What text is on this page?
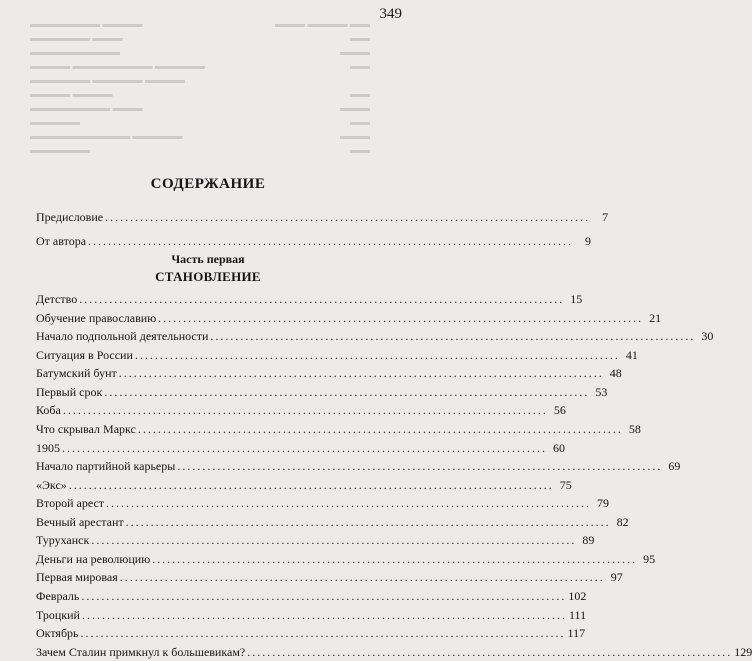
349
▬▬▬▬▬▬▬ ▬▬▬▬	▬▬▬ ▬▬▬▬ ▬▬
▬▬▬▬▬▬ ▬▬▬	▬▬
▬▬▬▬▬▬▬▬▬	▬▬▬
▬▬▬▬ ▬▬▬▬▬▬▬▬ ▬▬▬▬▬	▬▬
▬▬▬▬▬▬ ▬▬▬▬▬ ▬▬▬▬
▬▬▬▬ ▬▬▬▬	▬▬
▬▬▬▬▬▬▬▬ ▬▬▬	▬▬▬
▬▬▬▬▬	▬▬
▬▬▬▬▬▬▬▬▬▬ ▬▬▬▬▬	▬▬▬
▬▬▬▬▬▬	▬▬
СОДЕРЖАНИЕ
Предисловие .................................................................................................	7
От автора .................................................................................................	9
Часть первая
СТАНОВЛЕНИЕ
Детство ................................................................................................. 15
Обучение православию ................................................................................................. 21
Начало подпольной деятельности ................................................................................................. 30
Ситуация в России ................................................................................................. 41
Батумский бунт ................................................................................................. 48
Первый срок ................................................................................................. 53
Коба ................................................................................................. 56
Что скрывал Маркс ................................................................................................. 58
1905 ................................................................................................. 60
Начало партийной карьеры ................................................................................................. 69
«Экс» ................................................................................................. 75
Второй арест ................................................................................................. 79
Вечный арестант ................................................................................................. 82
Туруханск ................................................................................................. 89
Деньги на революцию ................................................................................................. 95
Первая мировая ................................................................................................. 97
Февраль ................................................................................................. 102
Троцкий ................................................................................................. 111
Октябрь ................................................................................................. 117
Зачем Сталин примкнул к большевикам? ................................................................................................. 129
